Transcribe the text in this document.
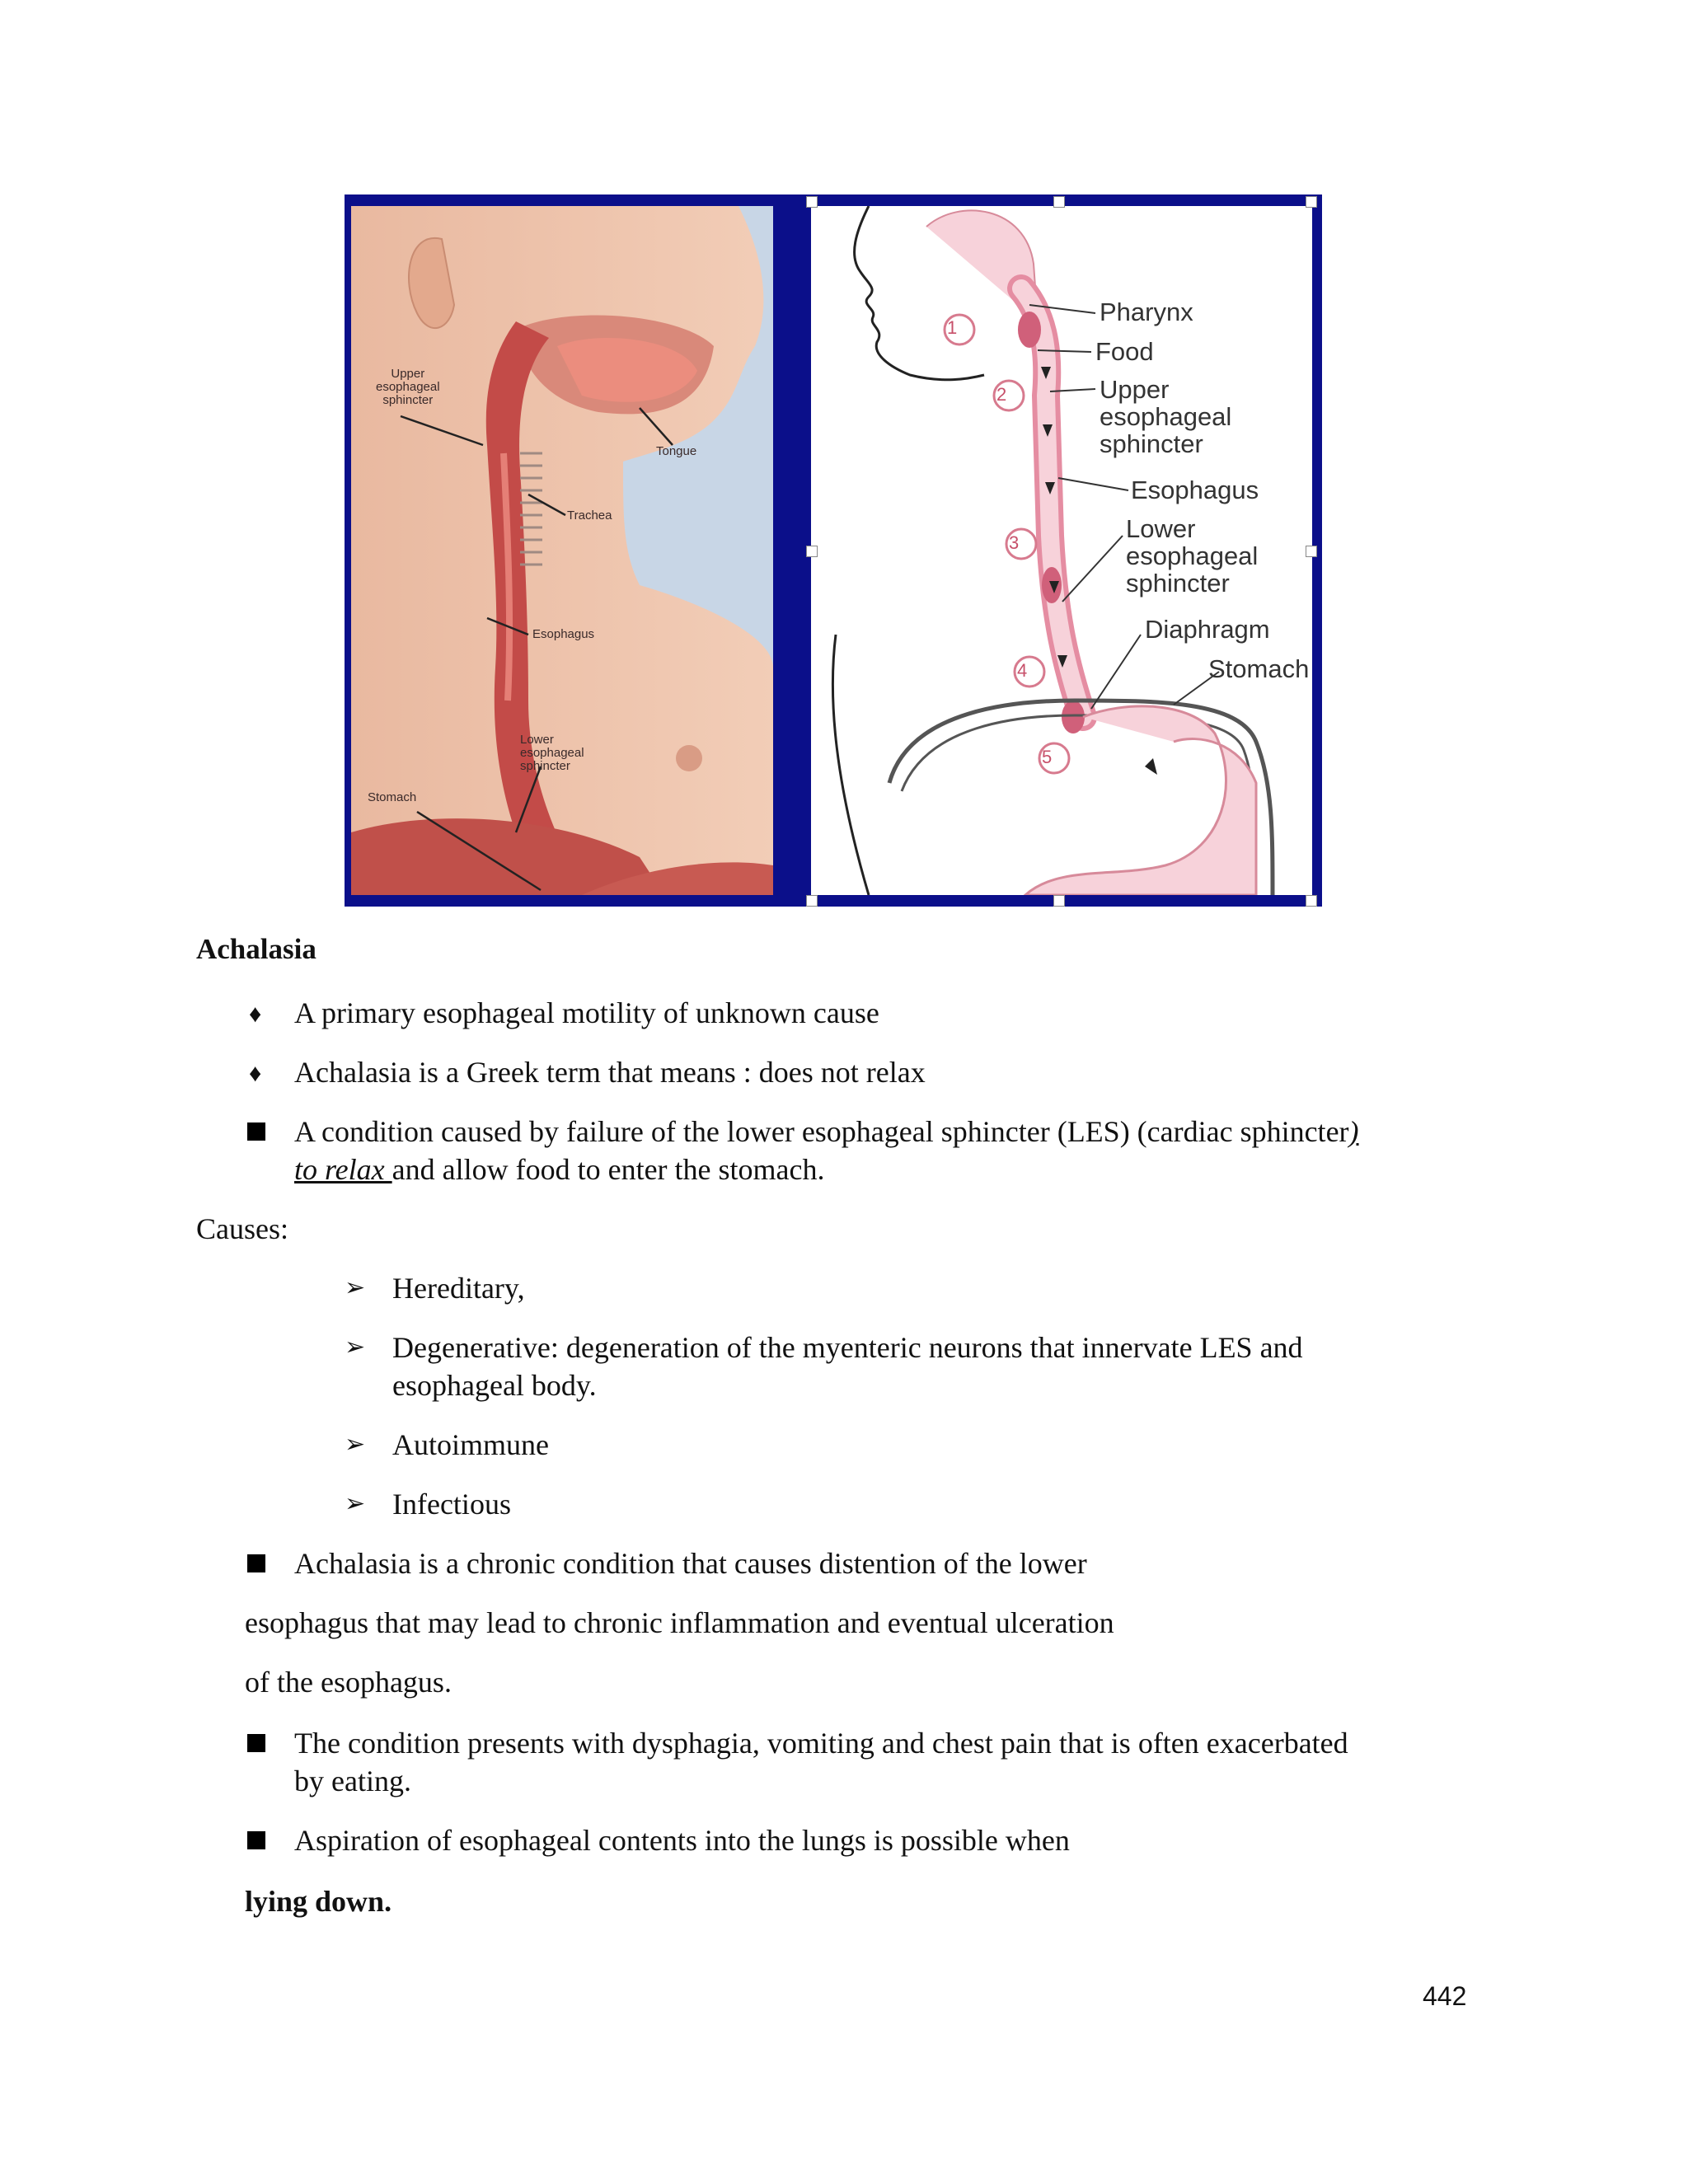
Upper
esophageal
sphincter
Tongue
Trachea
Esophagus
Lower
esophageal
sphincter
Stomach
1
2
3
4
5
Pharynx
Food
Upper
esophageal
sphincter
Esophagus
Lower
esophageal
sphincter
Diaphragm
Stomach
Achalasia
♦ A primary esophageal motility of unknown cause
♦ Achalasia is a Greek term that means : does not relax
A condition caused by failure of the lower esophageal sphincter (LES) (cardiac sphincter)
to relax and allow food to enter the stomach.
Causes:
➢ Hereditary,
➢ Degenerative: degeneration of the myenteric neurons that innervate LES and
esophageal body.
➢ Autoimmune
➢ Infectious
Achalasia is a chronic condition that causes distention of the lower
esophagus that may lead to chronic inflammation and eventual ulceration
of the esophagus.
The condition presents with dysphagia, vomiting and chest pain that is often exacerbated
by eating.
Aspiration of esophageal contents into the lungs is possible when
lying down.
442
